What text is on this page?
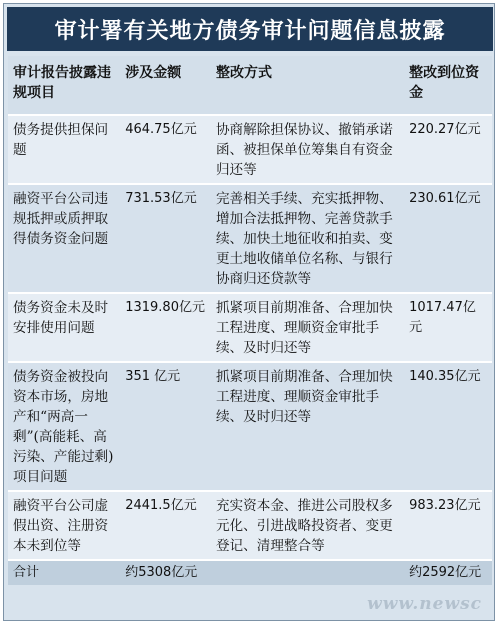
审计署有关地方债务审计问题信息披露
审计报告披露违规项目	涉及金额	整改方式	整改到位资金
债务提供担保问题	464.75亿元	协商解除担保协议、撤销承诺函、被担保单位筹集自有资金归还等	220.27亿元
融资平台公司违规抵押或质押取得债务资金问题	731.53亿元	完善相关手续、充实抵押物、增加合法抵押物、完善贷款手续、加快土地征收和拍卖、变更土地收储单位名称、与银行协商归还贷款等	230.61亿元
债务资金未及时安排使用问题	1319.80亿元	抓紧项目前期准备、合理加快工程进度、理顺资金审批手续、及时归还等	1017.47亿元
债务资金被投向资本市场，房地产和“两高一剩”(高能耗、高污染、产能过剩) 项目问题	351 亿元	抓紧项目前期准备、合理加快工程进度、理顺资金审批手续、及时归还等	140.35亿元
融资平台公司虚假出资、注册资本未到位等	2441.5亿元	充实资本金、推进公司股权多元化、引进战略投资者、变更登记、清理整合等	983.23亿元
合计	约5308亿元		约2592亿元
www.newsc
